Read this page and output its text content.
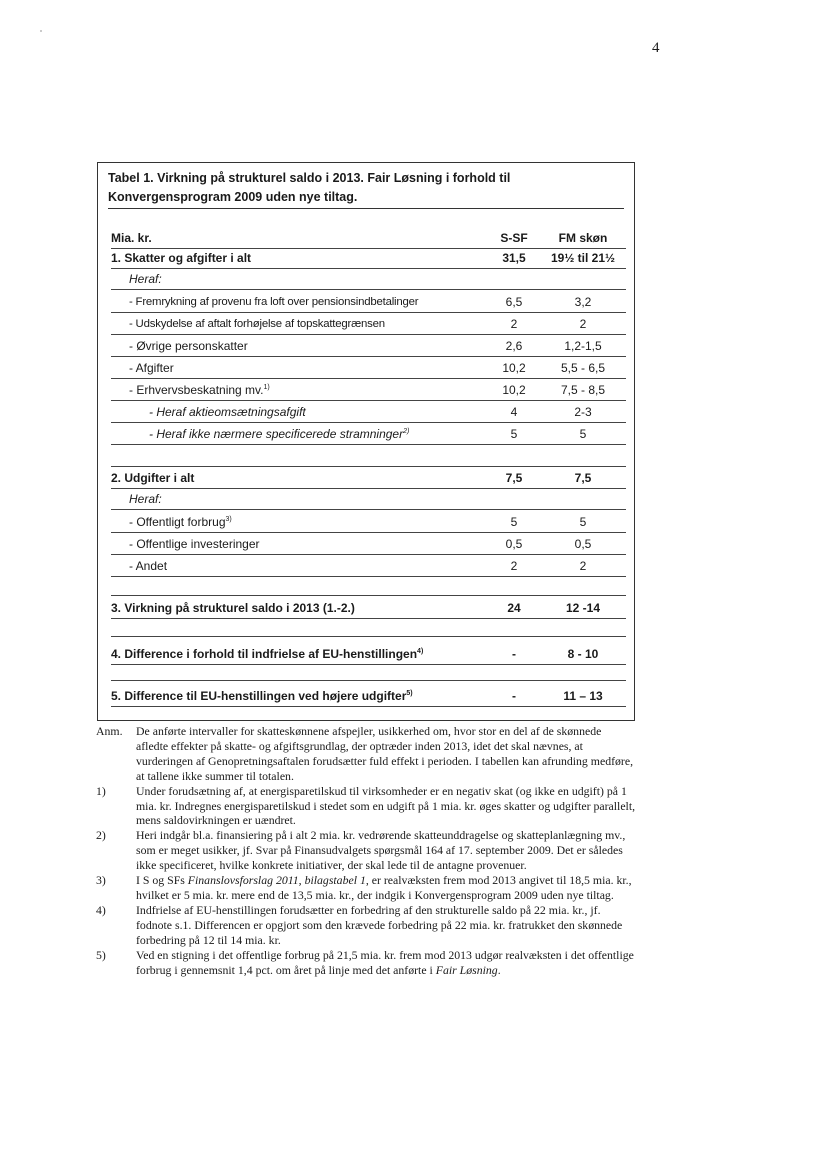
4
Tabel 1. Virkning på strukturel saldo i 2013. Fair Løsning i forhold til Konvergensprogram 2009 uden nye tiltag.
Mia. kr.	S-SF	FM skøn
1. Skatter og afgifter i alt	31,5	19½ til 21½
Heraf:
- Fremrykning af provenu fra loft over pensionsindbetalinger	6,5	3,2
- Udskydelse af aftalt forhøjelse af topskattegrænsen	2	2
- Øvrige personskatter	2,6	1,2-1,5
- Afgifter	10,2	5,5 - 6,5
- Erhvervsbeskatning mv.$^{1)}$	10,2	7,5 - 8,5
- Heraf aktieomsætningsafgift	4	2-3
- Heraf ikke nærmere specificerede stramninger$^{2)}$	5	5
2. Udgifter i alt	7,5	7,5
Heraf:
- Offentligt forbrug$^{3)}$	5	5
- Offentlige investeringer	0,5	0,5
- Andet	2	2
3. Virkning på strukturel saldo i 2013 (1.-2.)	24	12 -14
4. Difference i forhold til indfrielse af EU-henstillingen$^{4)}$	-	8 - 10
5. Difference til EU-henstillingen ved højere udgifter$^{5)}$	-	11 – 13
Anm. De anførte intervaller for skatteskønnene afspejler, usikkerhed om, hvor stor en del af de skønnede afledte effekter på skatte- og afgiftsgrundlag, der optræder inden 2013, idet det skal nævnes, at vurderingen af Genopretningsaftalen forudsætter fuld effekt i perioden. I tabellen kan afrunding medføre, at tallene ikke summer til totalen.
1)	Under forudsætning af, at energisparetilskud til virksomheder er en negativ skat (og ikke en udgift) på 1 mia. kr. Indregnes energisparetilskud i stedet som en udgift på 1 mia. kr. øges skatter og udgifter parallelt, mens saldovirkningen er uændret.
2)	Heri indgår bl.a. finansiering på i alt 2 mia. kr. vedrørende skatteunddragelse og skatteplanlægning mv., som er meget usikker, jf. Svar på Finansudvalgets spørgsmål 164 af 17. september 2009. Det er således ikke specificeret, hvilke konkrete initiativer, der skal lede til de antagne provenuer.
3)	I S og SFs Finanslovsforslag 2011, bilagstabel 1, er realvæksten frem mod 2013 angivet til 18,5 mia. kr., hvilket er 5 mia. kr. mere end de 13,5 mia. kr., der indgik i Konvergensprogram 2009 uden nye tiltag.
4)	Indfrielse af EU-henstillingen forudsætter en forbedring af den strukturelle saldo på 22 mia. kr., jf. fodnote s.1. Differencen er opgjort som den krævede forbedring på 22 mia. kr. fratrukket den skønnede forbedring på 12 til 14 mia. kr.
5)	Ved en stigning i det offentlige forbrug på 21,5 mia. kr. frem mod 2013 udgør realvæksten i det offentlige forbrug i gennemsnit 1,4 pct. om året på linje med det anførte i Fair Løsning.
